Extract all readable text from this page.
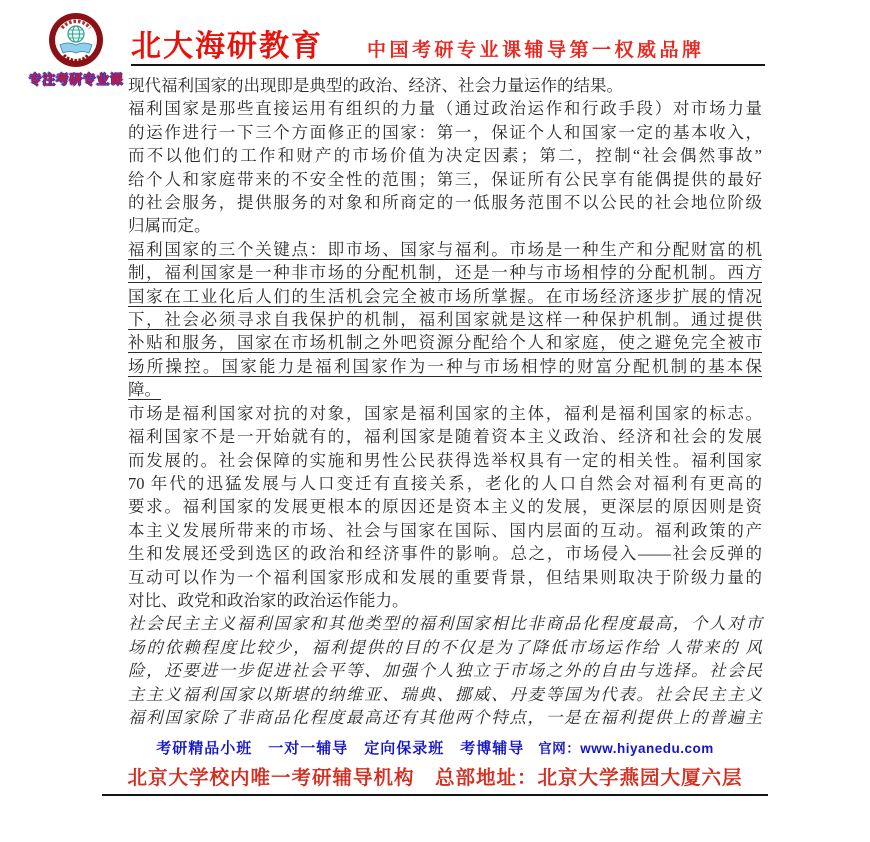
专注考研专业课
北大海研教育 中国考研专业课辅导第一权威品牌
现代福利国家的出现即是典型的政治、经济、社会力量运作的结果。
福利国家是那些直接运用有组织的力量（通过政治运作和行政手段）对市场力量
的运作进行一下三个方面修正的国家：第一，保证个人和国家一定的基本收入，
而不以他们的工作和财产的市场价值为决定因素；第二，控制“社会偶然事故”
给个人和家庭带来的不安全性的范围；第三，保证所有公民享有能偶提供的最好
的社会服务，提供服务的对象和所商定的一低服务范围不以公民的社会地位阶级
归属而定。
福利国家的三个关键点：即市场、国家与福利。市场是一种生产和分配财富的机
制，福利国家是一种非市场的分配机制，还是一种与市场相悖的分配机制。西方
国家在工业化后人们的生活机会完全被市场所掌握。在市场经济逐步扩展的情况
下，社会必须寻求自我保护的机制，福利国家就是这样一种保护机制。通过提供
补贴和服务，国家在市场机制之外吧资源分配给个人和家庭，使之避免完全被市
场所操控。国家能力是福利国家作为一种与市场相悖的财富分配机制的基本保
障。
市场是福利国家对抗的对象，国家是福利国家的主体，福利是福利国家的标志。
福利国家不是一开始就有的，福利国家是随着资本主义政治、经济和社会的发展
而发展的。社会保障的实施和男性公民获得选举权具有一定的相关性。福利国家
70 年代的迅猛发展与人口变迁有直接关系，老化的人口自然会对福利有更高的
要求。福利国家的发展更根本的原因还是资本主义的发展，更深层的原因则是资
本主义发展所带来的市场、社会与国家在国际、国内层面的互动。福利政策的产
生和发展还受到选区的政治和经济事件的影响。总之，市场侵入——社会反弹的
互动可以作为一个福利国家形成和发展的重要背景，但结果则取决于阶级力量的
对比、政党和政治家的政治运作能力。
社会民主主义福利国家和其他类型的福利国家相比非商品化程度最高，个人对市
场的依赖程度比较少，福利提供的目的不仅是为了降低市场运作给 人带来的 风
险，还要进一步促进社会平等、加强个人独立于市场之外的自由与选择。社会民
主主义福利国家以斯堪的纳维亚、瑞典、挪威、丹麦等国为代表。社会民主主义
福利国家除了非商品化程度最高还有其他两个特点，一是在福利提供上的普遍主
考研精品小班　一对一辅导　定向保录班　考博辅导 官网：www.hiyanedu.com
北京大学校内唯一考研辅导机构　总部地址：北京大学燕园大厦六层
